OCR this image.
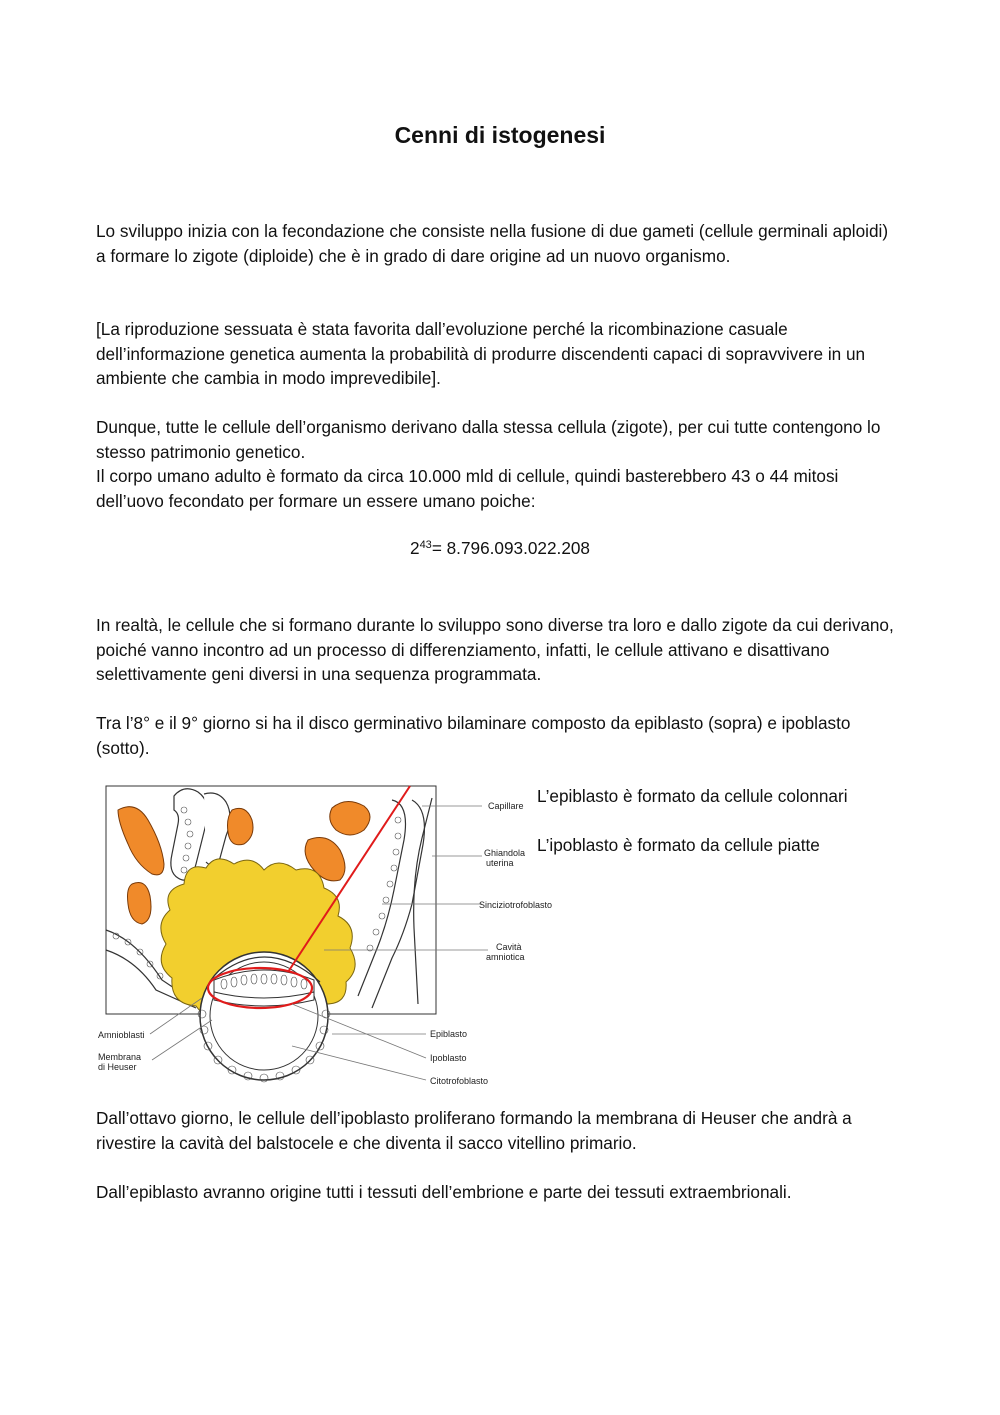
Cenni di istogenesi

Lo sviluppo inizia con la fecondazione che consiste nella fusione di due gameti (cellule germinali aploidi) a formare lo zigote (diploide) che è in grado di dare origine ad un nuovo organismo.

[La riproduzione sessuata è stata favorita dall’evoluzione perché la ricombinazione casuale dell’informazione genetica aumenta la probabilità di produrre discendenti capaci di sopravvivere in un ambiente che cambia in modo imprevedibile].

Dunque, tutte le cellule dell’organismo derivano dalla stessa cellula (zigote), per cui tutte contengono lo stesso patrimonio genetico.

Il corpo umano adulto è formato da circa 10.000 mld di cellule, quindi basterebbero 43 o 44 mitosi dell’uovo fecondato per formare un essere umano poiche:

$2^{43}= 8.796.093.022.208$

In realtà, le cellule che si formano durante lo sviluppo sono diverse tra loro e dallo zigote da cui derivano, poiché vanno incontro ad un processo di differenziamento, infatti, le cellule attivano e disattivano selettivamente geni diversi in una sequenza programmata.

Tra l’8° e il 9° giorno si ha il disco germinativo bilaminare composto da epiblasto (sopra) e ipoblasto (sotto).

L’epiblasto è formato da cellule colonnari
L’ipoblasto è formato da cellule piatte
Capillare
Ghiandola
uterina
Sinciziotrofoblasto
Cavità
amniotica
Amnioblasti
Membrana
di Heuser
Epiblasto
Ipoblasto
Citotrofoblasto

Dall’ottavo giorno, le cellule dell’ipoblasto proliferano formando la membrana di Heuser che andrà a rivestire la cavità del balstocele e che diventa il sacco vitellino primario.

Dall’epiblasto avranno origine tutti i tessuti dell’embrione e parte dei tessuti extraembrionali.
